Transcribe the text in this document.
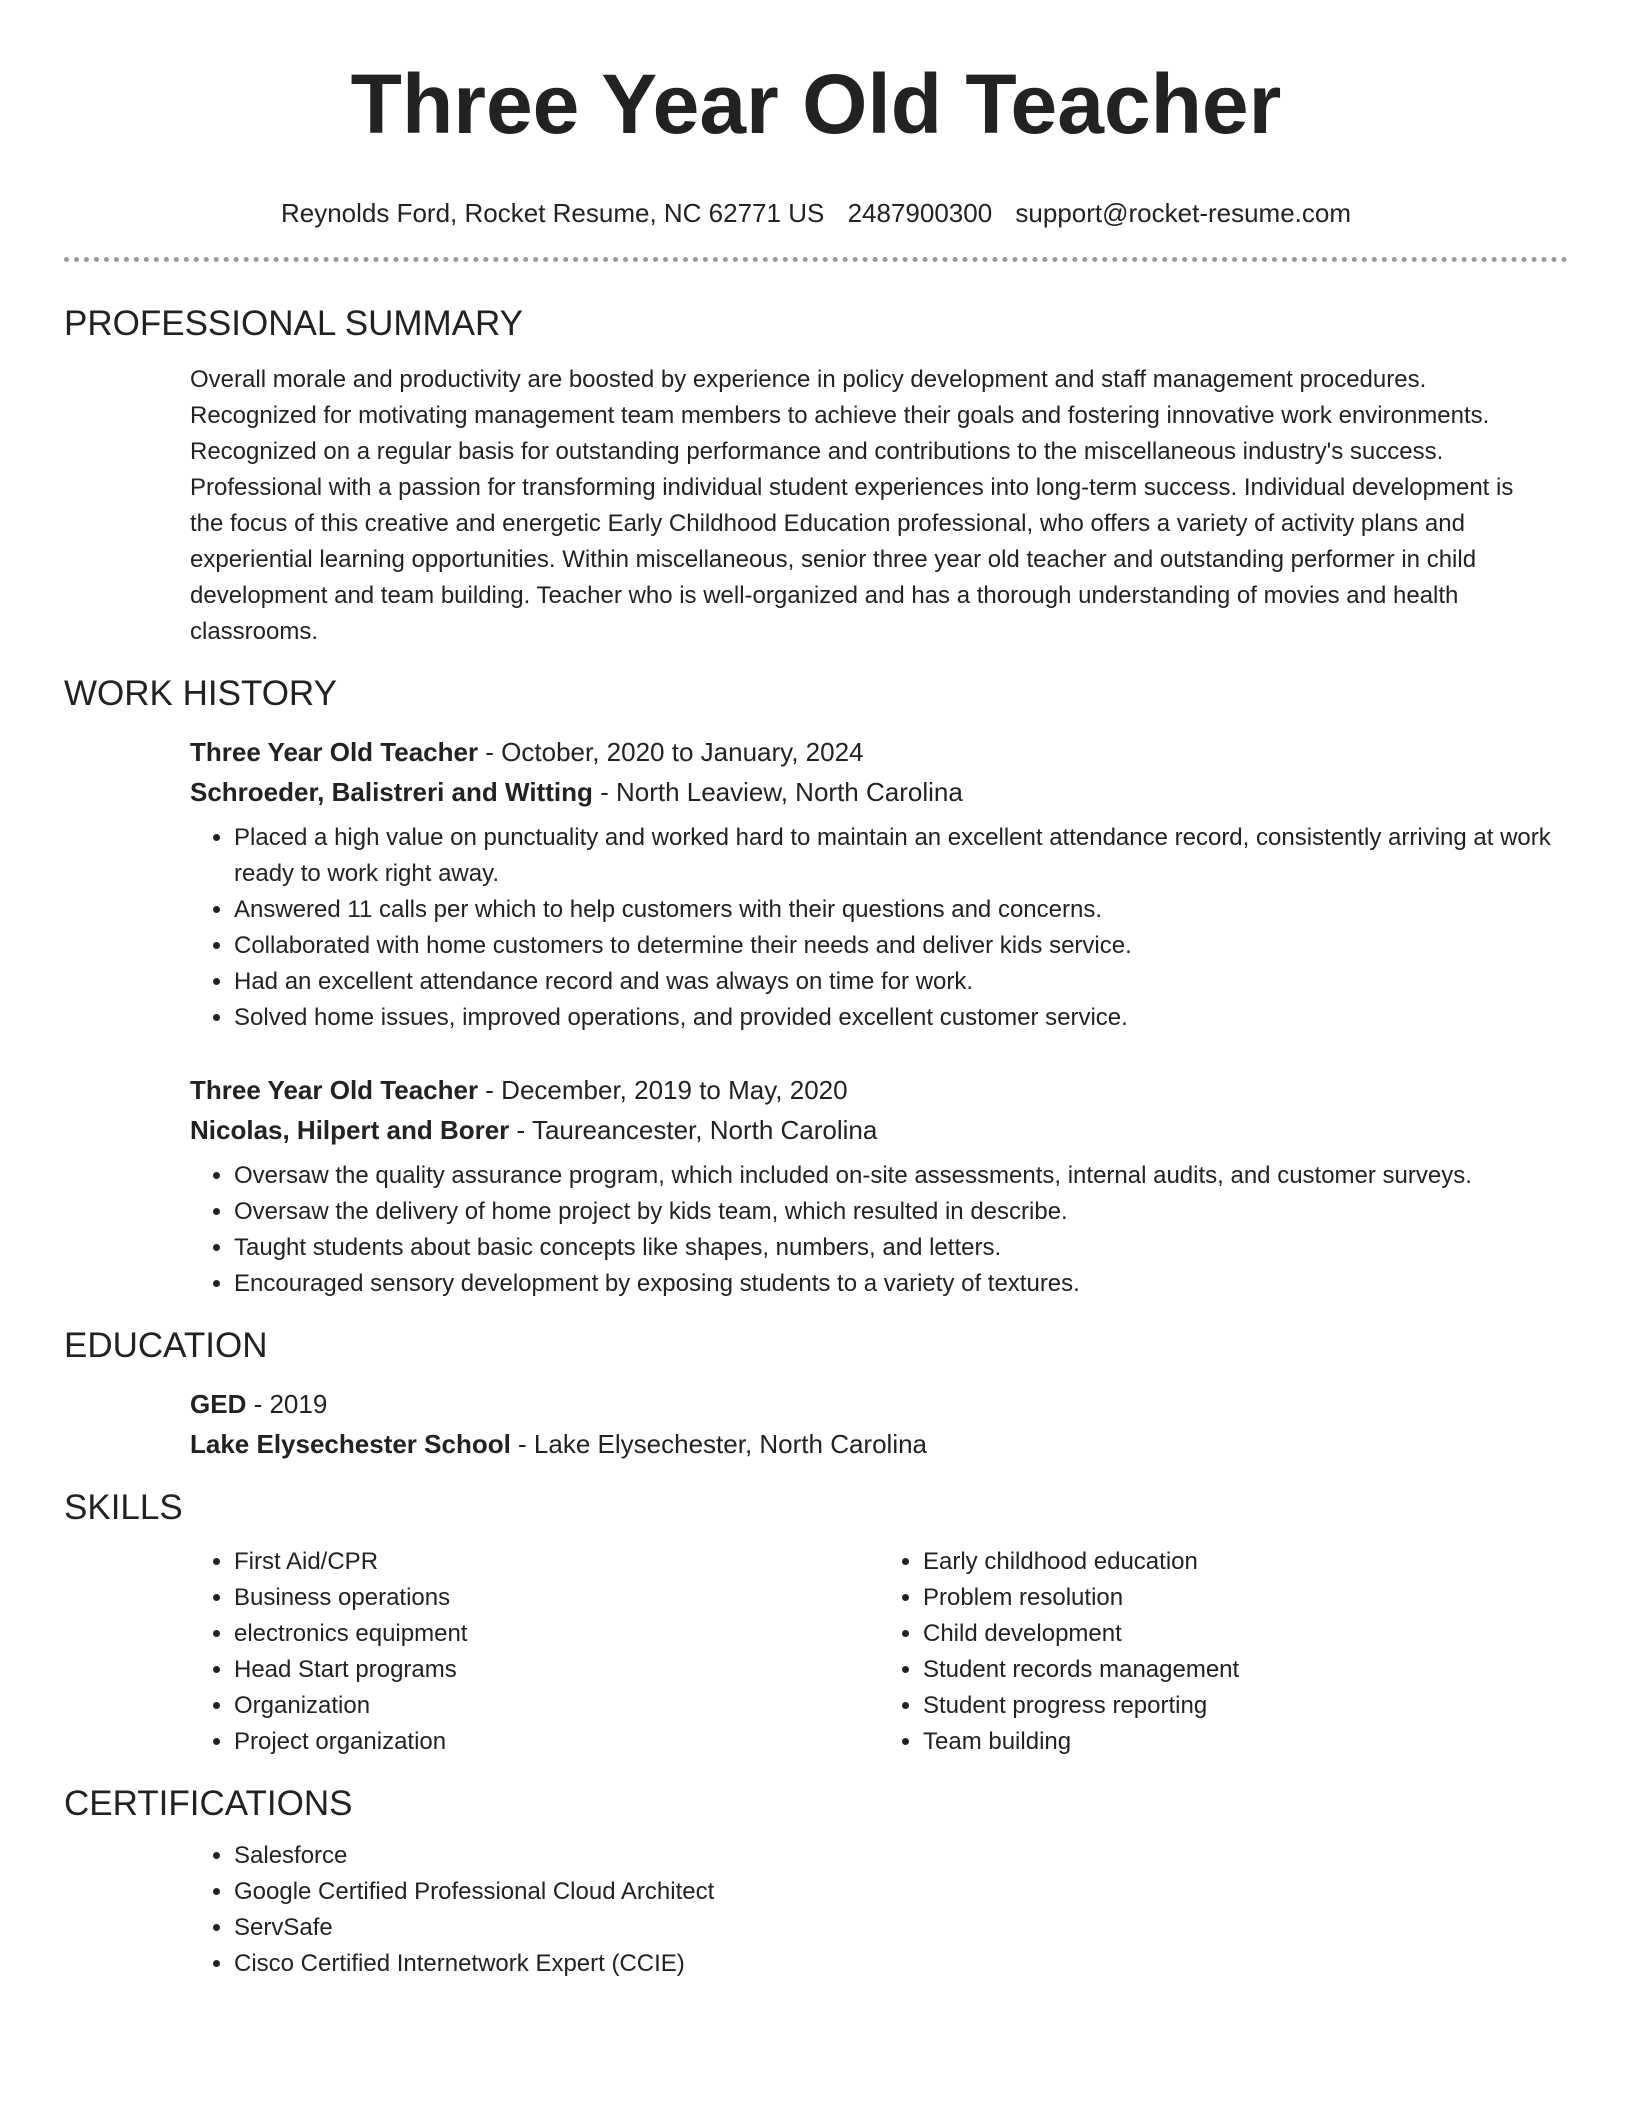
Three Year Old Teacher
Reynolds Ford, Rocket Resume, NC 62771 US 2487900300 support@rocket-resume.com
PROFESSIONAL SUMMARY

Overall morale and productivity are boosted by experience in policy development and staff management procedures. Recognized for motivating management team members to achieve their goals and fostering innovative work environments. Recognized on a regular basis for outstanding performance and contributions to the miscellaneous industry's success. Professional with a passion for transforming individual student experiences into long-term success. Individual development is the focus of this creative and energetic Early Childhood Education professional, who offers a variety of activity plans and experiential learning opportunities. Within miscellaneous, senior three year old teacher and outstanding performer in child development and team building. Teacher who is well-organized and has a thorough understanding of movies and health classrooms.

WORK HISTORY
Three Year Old Teacher - October, 2020 to January, 2024
Schroeder, Balistreri and Witting - North Leaview, North Carolina
• Placed a high value on punctuality and worked hard to maintain an excellent attendance record, consistently arriving at work ready to work right away.
• Answered 11 calls per which to help customers with their questions and concerns.
• Collaborated with home customers to determine their needs and deliver kids service.
• Had an excellent attendance record and was always on time for work.
• Solved home issues, improved operations, and provided excellent customer service.
Three Year Old Teacher - December, 2019 to May, 2020
Nicolas, Hilpert and Borer - Taureancester, North Carolina
• Oversaw the quality assurance program, which included on-site assessments, internal audits, and customer surveys.
• Oversaw the delivery of home project by kids team, which resulted in describe.
• Taught students about basic concepts like shapes, numbers, and letters.
• Encouraged sensory development by exposing students to a variety of textures.
EDUCATION
GED - 2019
Lake Elysechester School - Lake Elysechester, North Carolina
SKILLS
• First Aid/CPR
• Business operations
• electronics equipment
• Head Start programs
• Organization
• Project organization
• Early childhood education
• Problem resolution
• Child development
• Student records management
• Student progress reporting
• Team building
CERTIFICATIONS
• Salesforce
• Google Certified Professional Cloud Architect
• ServSafe
• Cisco Certified Internetwork Expert (CCIE)
